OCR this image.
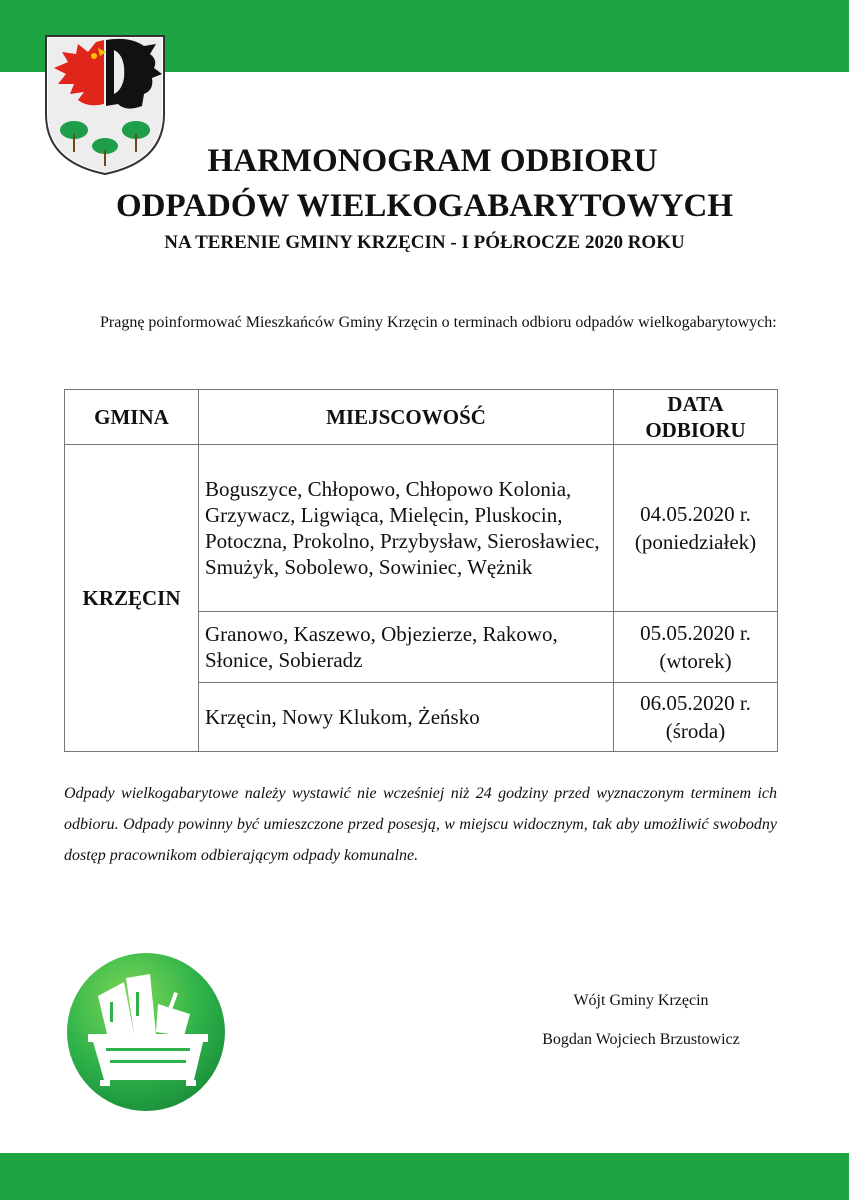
HARMONOGRAM ODBIORU

ODPADÓW WIELKOGABARYTOWYCH

NA TERENIE GMINY KRZĘCIN - I PÓŁROCZE 2020 ROKU

Pragnę poinformować Mieszkańców Gminy Krzęcin o terminach odbioru odpadów wielkogabarytowych:

GMINA	MIEJSCOWOŚĆ	DATA
ODBIORU
KRZĘCIN	Boguszyce, Chłopowo, Chłopowo Kolonia, Grzywacz, Ligwiąca, Mielęcin, Pluskocin, Potoczna, Prokolno, Przybysław, Sierosławiec, Smużyk, Sobolewo, Sowiniec, Wężnik	04.05.2020 r.
(poniedziałek)

	Granowo, Kaszewo, Objezierze, Rakowo, Słonice, Sobieradz	05.05.2020 r.
(wtorek)

	Krzęcin, Nowy Klukom, Żeńsko	06.05.2020 r.
(środa)

Odpady wielkogabarytowe należy wystawić nie wcześniej niż 24 godziny przed wyznaczonym terminem ich odbioru. Odpady powinny być umieszczone przed posesją, w miejscu widocznym, tak aby umożliwić swobodny dostęp pracownikom odbierającym odpady komunalne.

Wójt Gminy Krzęcin

Bogdan Wojciech Brzustowicz
